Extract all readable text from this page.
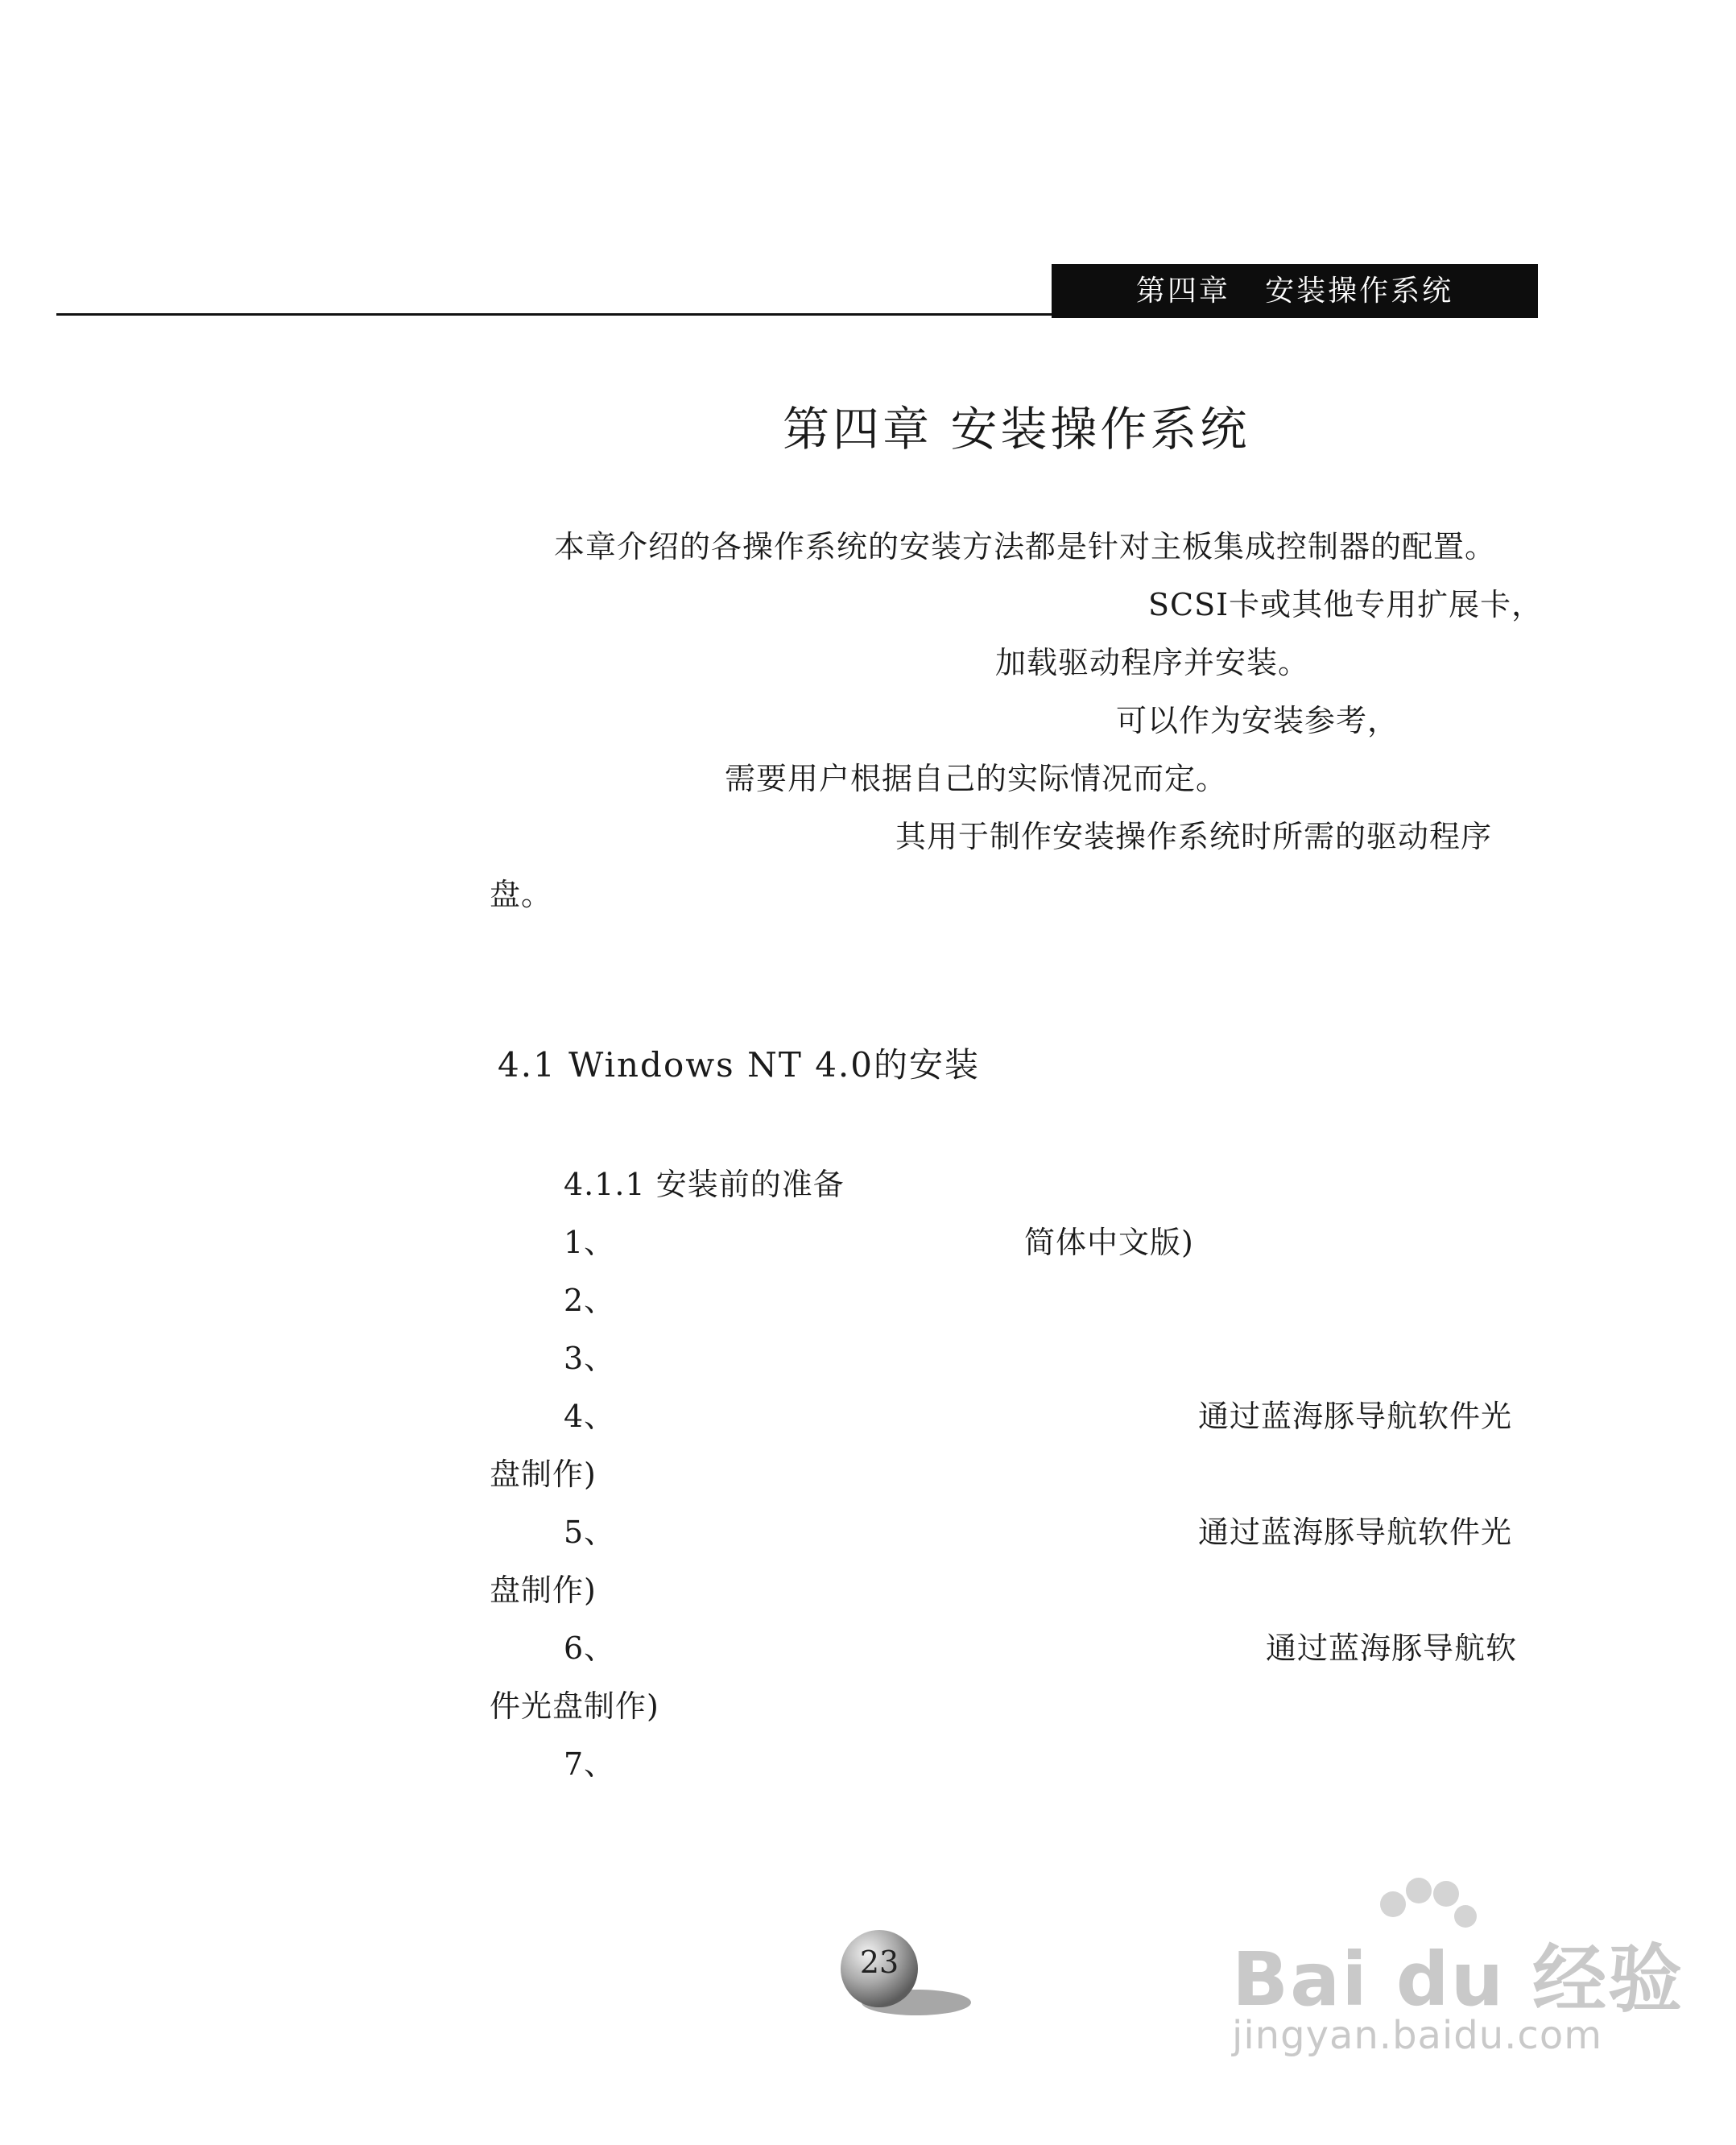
第四章   安装操作系统
第四章 安装操作系统
本章介绍的各操作系统的安装方法都是针对主板集成控制器的配置。
SCSI卡或其他专用扩展卡，
加载驱动程序并安装。
可以作为安装参考，
需要用户根据自己的实际情况而定。
其用于制作安装操作系统时所需的驱动程序
盘。
4.1 Windows NT 4.0的安装
4.1.1 安装前的准备
1、	简体中文版)
2、
3、
4、	通过蓝海豚导航软件光
盘制作)
5、	通过蓝海豚导航软件光
盘制作)
6、	通过蓝海豚导航软
件光盘制作)
7、
23	Bai du 经验
jingyan.baidu.com
